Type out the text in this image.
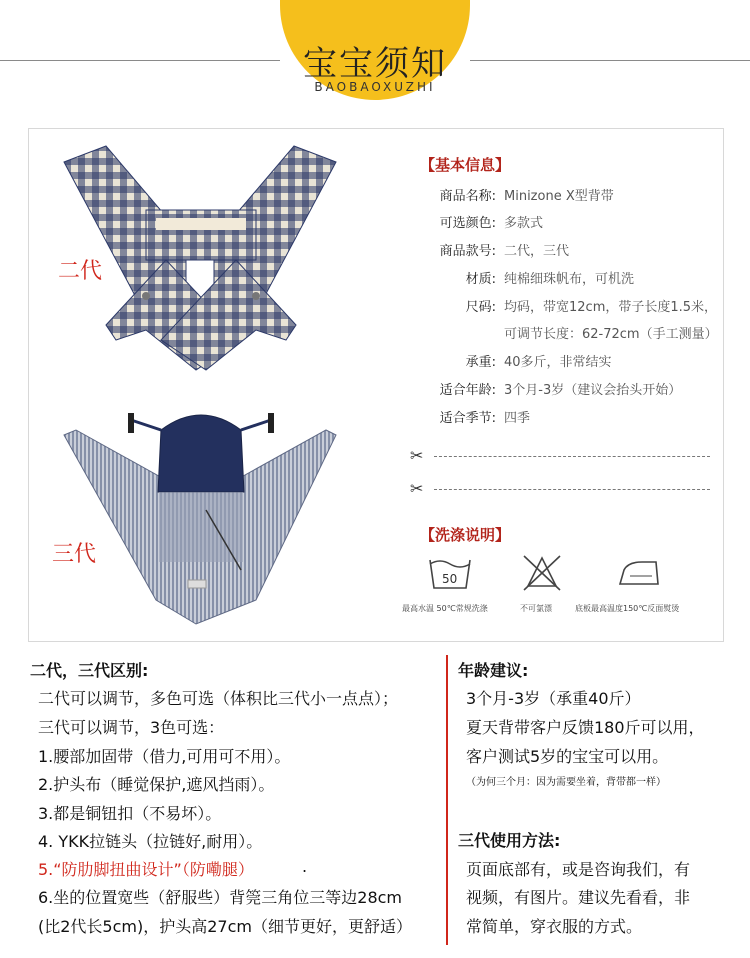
宝宝须知
BAOBAOXUZHI
二代
三代
【基本信息】
商品名称: Minizone X型背带
可选颜色: 多款式
商品款号: 二代，三代
材质: 纯棉细珠帆布，可机洗
尺码: 均码，带宽12cm，带子长度1.5米，
可调节长度：62-72cm（手工测量）
承重: 40多斤，非常结实
适合年龄: 3个月-3岁（建议会抬头开始）
适合季节: 四季
✂
✂
【洗涤说明】
50
最高水温 50℃常规洗涤	不可氯漂	底板最高温度150℃反面熨烫
二代，三代区别:
二代可以调节，多色可选（体积比三代小一点点）；
三代可以调节，3色可选：
1.腰部加固带（借力,可用可不用）。
2.护头布（睡觉保护,遮风挡雨）。
3.都是铜钮扣（不易坏）。
4. YKK拉链头（拉链好,耐用）。
5.“防肋脚扭曲设计”（防嘞腿）	.
6.坐的位置宽些（舒服些）背筦三角位三等边28cm
(比2代长5cm)，护头高27cm（细节更好，更舒适）
年龄建议:
3个月-3岁（承重40斤）
夏天背带客户反馈180斤可以用，
客户测试5岁的宝宝可以用。
（为何三个月：因为需要坐着，背带都一样）
三代使用方法:
页面底部有，或是咨询我们，有
视频，有图片。建议先看看，非
常简单，穿衣服的方式。
